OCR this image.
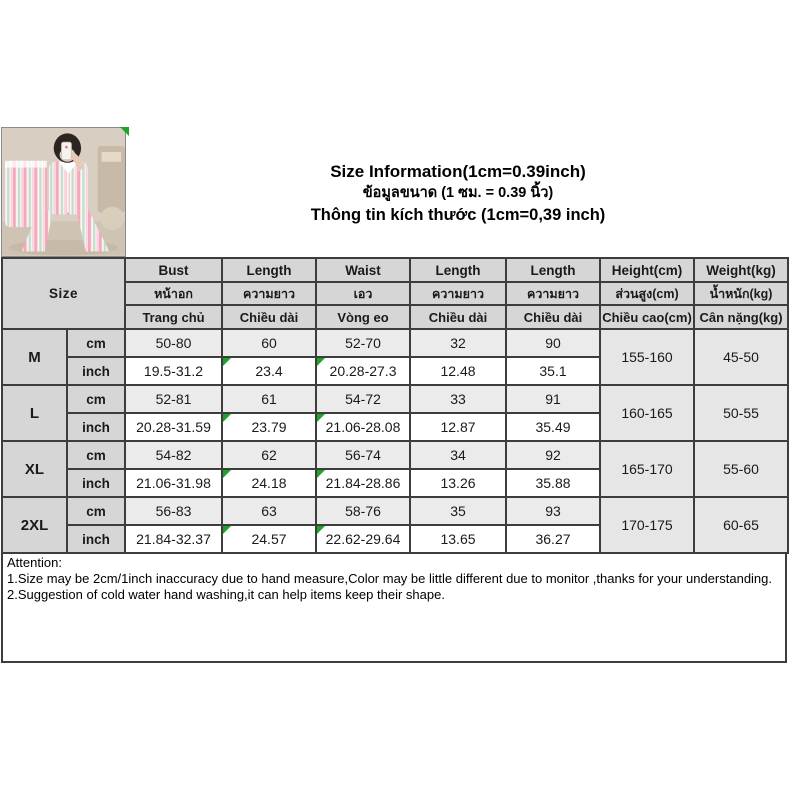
Size Information(1cm=0.39inch)
ข้อมูลขนาด (1 ซม. = 0.39 นิ้ว)
Thông tin kích thước (1cm=0,39 inch)
Size		Bust	Length	Waist	Length	Length	Height(cm)	Weight(kg)
		หน้าอก	ความยาว	เอว	ความยาว	ความยาว	ส่วนสูง(cm)	น้ำหนัก(kg)
		Trang chủ	Chiều dài	Vòng eo	Chiều dài	Chiều dài	Chiều cao(cm)	Cân nặng(kg)
M	cm	50-80	60	52-70	32	90	155-160	45-50
	inch	19.5-31.2	23.4	20.28-27.3	12.48	35.1		
L	cm	52-81	61	54-72	33	91	160-165	50-55
	inch	20.28-31.59	23.79	21.06-28.08	12.87	35.49		
XL	cm	54-82	62	56-74	34	92	165-170	55-60
	inch	21.06-31.98	24.18	21.84-28.86	13.26	35.88		
2XL	cm	56-83	63	58-76	35	93	170-175	60-65
	inch	21.84-32.37	24.57	22.62-29.64	13.65	36.27		
Attention:
1.Size may be 2cm/1inch inaccuracy due to hand measure,Color may be little different due to monitor ,thanks for your understanding.
2.Suggestion of cold water hand washing,it can help items keep their shape.
